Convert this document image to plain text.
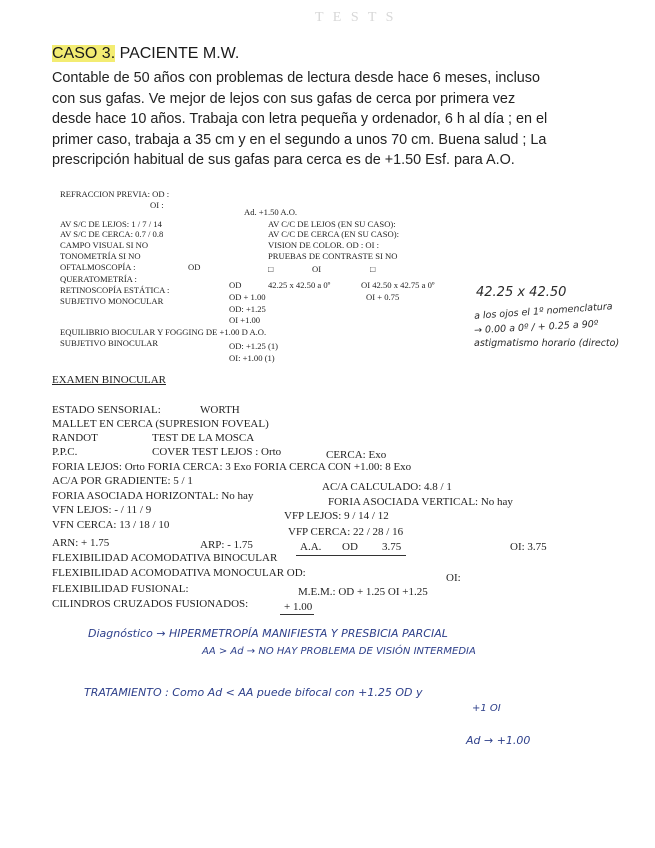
T E S T S
CASO 3. PACIENTE M.W.
Contable de 50 años con problemas de lectura desde hace 6 meses, incluso con sus gafas. Ve mejor de lejos con sus gafas de cerca por primera vez desde hace 10 años. Trabaja con letra pequeña y ordenador, 6 h al día ; en el primer caso, trabaja a 35 cm y en el segundo a unos 70 cm. Buena salud ; La prescripción habitual de sus gafas para cerca es de +1.50 Esf. para A.O.
REFRACCION PREVIA: OD :
OI :
Ad. +1.50 A.O.
AV S/C DE LEJOS: 1 / 7 / 14	AV C/C DE LEJOS (EN SU CASO):
AV S/C DE CERCA: 0.7 / 0.8	AV C/C DE CERCA (EN SU CASO):
CAMPO VISUAL SI NO	VISION DE COLOR. OD : OI :
TONOMETRÍA SI NO	PRUEBAS DE CONTRASTE SI NO
OFTALMOSCOPÍA :	OD	□	OI	□
QUERATOMETRÍA :
OD	42.25 x 42.50 a 0º	OI 42.50 x 42.75 a 0º
RETINOSCOPÍA ESTÁTICA :
OD + 1.00	OI + 0.75
SUBJETIVO MONOCULAR
OD: +1.25
OI +1.00
EQUILIBRIO BIOCULAR Y FOGGING DE +1.00 D A.O.
SUBJETIVO BINOCULAR	OD: +1.25 (1)
OI: +1.00 (1)
42.25 x 42.50
a los ojos el 1º nomenclatura
→ 0.00 a 0º / + 0.25 a 90º
astigmatismo horario (directo)
EXAMEN BINOCULAR
ESTADO SENSORIAL:	WORTH
MALLET EN CERCA (SUPRESION FOVEAL)
RANDOT	TEST DE LA MOSCA
P.P.C.	COVER TEST LEJOS : Orto	CERCA: Exo
FORIA LEJOS: Orto FORIA CERCA: 3 Exo FORIA CERCA CON +1.00: 8 Exo
AC/A POR GRADIENTE: 5 / 1	AC/A CALCULADO: 4.8 / 1
FORIA ASOCIADA HORIZONTAL: No hay	FORIA ASOCIADA VERTICAL: No hay
VFN LEJOS: - / 11 / 9	VFP LEJOS: 9 / 14 / 12
VFN CERCA: 13 / 18 / 10
VFP CERCA: 22 / 28 / 16
ARN: + 1.75	ARP: - 1.75	A.A. OD 3.75	OI: 3.75
FLEXIBILIDAD ACOMODATIVA BINOCULAR
FLEXIBILIDAD ACOMODATIVA MONOCULAR OD:	OI:
FLEXIBILIDAD FUSIONAL:	M.E.M.: OD + 1.25 OI +1.25
CILINDROS CRUZADOS FUSIONADOS:	+ 1.00
Diagnóstico → HIPERMETROPÍA MANIFIESTA Y PRESBICIA PARCIAL
AA > Ad → NO HAY PROBLEMA DE VISIÓN INTERMEDIA
TRATAMIENTO : Como Ad < AA puede bifocal con +1.25 OD y
+1 OI
Ad → +1.00
